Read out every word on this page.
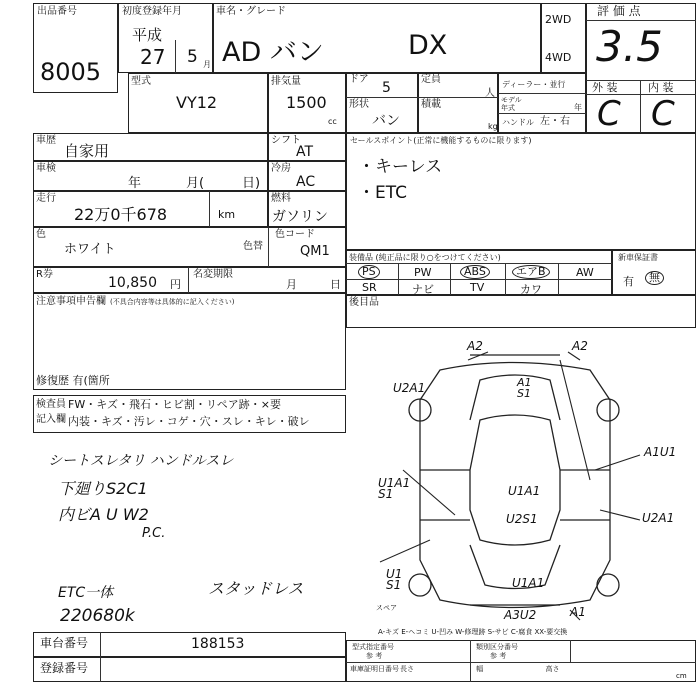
出品番号
8005
初度登録年月
平成
27 5 月
車名・グレード
AD バン	DX
2WD
4WD
評 価 点
3.5
外 装	内 装
C C
型式
VY12
排気量
1500
cc
ドア
5
形状
バン
定員
人
積載
kg
ディーラー・並行
モデル年式	年
ハンドル 左・右
車歴
自家用
車検
年	月(	日)
走行
22万0千678	km
色
ホワイト	色替
色コード
QM1
R券
10,850 円
名変期限
月	日
シフト
AT
冷房
AC
燃料
ガソリン
セールスポイント(正常に機能するものに限ります)
・キーレス
・ETC
装備品 (純正品に限り○をつけてください)
PS	PW	ABS	エアB	AW
SR	ナビ	TV	カワ
新車保証書
有	無
後目品
注意事項申告欄 (不具合内容等は具体的に記入ください)
修復歴 有(箇所
検査員
記入欄
FW・キズ・飛石・ヒビ割・リペア跡・×要
内装・キズ・汚レ・コゲ・穴・スレ・キレ・破レ
シートスレタリ ハンドルスレ
下廻りS2C1
内ビA U W2
P.C.
ETC一体	スタッドレス
220680k
A2	A2
A1
S1
U2A1
A1U1
U1A1
S1	U1A1
U2S1	U2A1
U1
S1	U1A1
A3U2	A1
スペア
A-キズ E-ヘコミ U-凹み W-修理跡 S-サビ C-腐食 XX-要交換
車台番号	188153
登録番号
型式指定番号
参 考
類別区分番号
参 考
車庫証明日番号 長さ 幅 高さ
cm
